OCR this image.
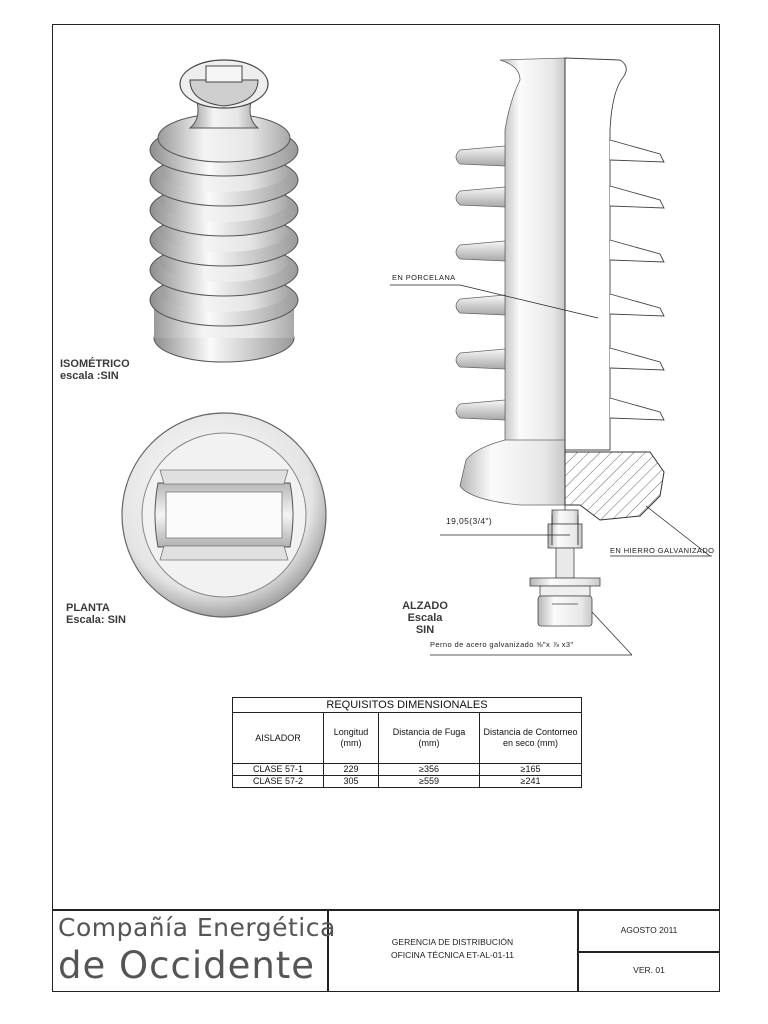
ISOMÉTRICO
escala :SIN
PLANTA
Escala: SIN
EN PORCELANA
EN HIERRO GALVANIZADO
19,05(3/4")
Perno de acero galvanizado ⅝"x ⅞ x3"
ALZADO
Escala SIN
REQUISITOS DIMENSIONALES			
AISLADOR	Longitud (mm)	Distancia de Fuga (mm)	Distancia de Contorneo en seco (mm)
CLASE 57-1	229	≥356	≥165
CLASE 57-2	305	≥559	≥241
Compañía Energética
de Occidente
GERENCIA DE DISTRIBUCIÓN
OFICINA TÉCNICA ET-AL-01-11
AGOSTO 2011
VER. 01
